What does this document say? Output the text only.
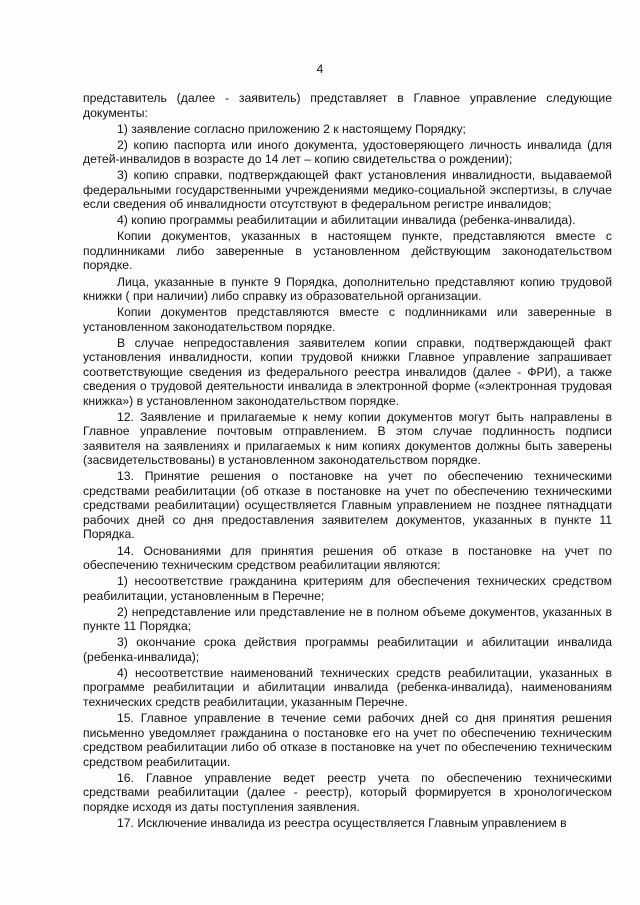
4

представитель (далее - заявитель) представляет в Главное управление следующие документы:

1) заявление согласно приложению 2 к настоящему Порядку;

2) копию паспорта или иного документа, удостоверяющего личность инвалида (для детей-инвалидов в возрасте до 14 лет – копию свидетельства о рождении);

3) копию справки, подтверждающей факт установления инвалидности, выдаваемой федеральными государственными учреждениями медико-социальной экспертизы, в случае если сведения об инвалидности отсутствуют в федеральном регистре инвалидов;

4) копию программы реабилитации и абилитации инвалида (ребенка-инвалида).

Копии документов, указанных в настоящем пункте, представляются вместе с подлинниками либо заверенные в установленном действующим законодательством порядке.

Лица, указанные в пункте 9 Порядка, дополнительно представляют копию трудовой книжки ( при наличии) либо справку из образовательной организации.

Копии документов представляются вместе с подлинниками или заверенные в установленном законодательством порядке.

В случае непредоставления заявителем копии справки, подтверждающей факт установления инвалидности, копии трудовой книжки Главное управление запрашивает соответствующие сведения из федерального реестра инвалидов (далее - ФРИ), а также сведения о трудовой деятельности инвалида в электронной форме («электронная трудовая книжка») в установленном законодательством порядке.

12. Заявление и прилагаемые к нему копии документов могут быть направлены в Главное управление почтовым отправлением. В этом случае подлинность подписи заявителя на заявлениях и прилагаемых к ним копиях документов должны быть заверены (засвидетельствованы) в установленном законодательством порядке.

13. Принятие решения о постановке на учет по обеспечению техническими средствами реабилитации (об отказе в постановке на учет по обеспечению техническими средствами реабилитации) осуществляется Главным управлением не позднее пятнадцати рабочих дней со дня предоставления заявителем документов, указанных в пункте 11 Порядка.

14. Основаниями для принятия решения об отказе в постановке на учет по обеспечению техническим средством реабилитации являются:

1) несоответствие гражданина критериям для обеспечения технических средством реабилитации, установленным в Перечне;

2) непредставление или представление не в полном объеме документов, указанных в пункте 11 Порядка;

3) окончание срока действия программы реабилитации и абилитации инвалида (ребенка-инвалида);

4) несоответствие наименований технических средств реабилитации, указанных в программе реабилитации и абилитации инвалида (ребенка-инвалида), наименованиям технических средств реабилитации, указанным Перечне.

15. Главное управление в течение семи рабочих дней со дня принятия решения письменно уведомляет гражданина о постановке его на учет по обеспечению техническим средством реабилитации либо об отказе в постановке на учет по обеспечению техническим средством реабилитации.

16. Главное управление ведет реестр учета по обеспечению техническими средствами реабилитации (далее - реестр), который формируется в хронологическом порядке исходя из даты поступления заявления.

17. Исключение инвалида из реестра осуществляется Главным управлением в
